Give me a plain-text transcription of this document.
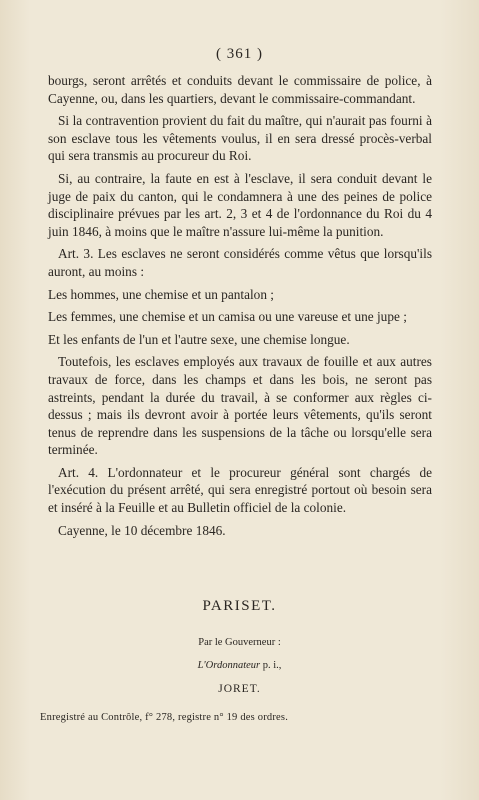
( 361 )

bourgs, seront arrêtés et conduits devant le commissaire de police, à Cayenne, ou, dans les quartiers, devant le commissaire-commandant.

Si la contravention provient du fait du maître, qui n'aurait pas fourni à son esclave tous les vêtements voulus, il en sera dressé procès-verbal qui sera transmis au procureur du Roi.

Si, au contraire, la faute en est à l'esclave, il sera conduit devant le juge de paix du canton, qui le condamnera à une des peines de police disciplinaire prévues par les art. 2, 3 et 4 de l'ordonnance du Roi du 4 juin 1846, à moins que le maître n'assure lui-même la punition.

Art. 3. Les esclaves ne seront considérés comme vêtus que lorsqu'ils auront, au moins :

Les hommes, une chemise et un pantalon ;

Les femmes, une chemise et un camisa ou une vareuse et une jupe ;

Et les enfants de l'un et l'autre sexe, une chemise longue.

Toutefois, les esclaves employés aux travaux de fouille et aux autres travaux de force, dans les champs et dans les bois, ne seront pas astreints, pendant la durée du travail, à se conformer aux règles ci-dessus ; mais ils devront avoir à portée leurs vêtements, qu'ils seront tenus de reprendre dans les suspensions de la tâche ou lorsqu'elle sera terminée.

Art. 4. L'ordonnateur et le procureur général sont chargés de l'exécution du présent arrêté, qui sera enregistré portout où besoin sera et inséré à la Feuille et au Bulletin officiel de la colonie.

Cayenne, le 10 décembre 1846.

PARISET.
Par le Gouverneur :
L'Ordonnateur p. i.,
JORET.
Enregistré au Contrôle, f° 278, registre n° 19 des ordres.
